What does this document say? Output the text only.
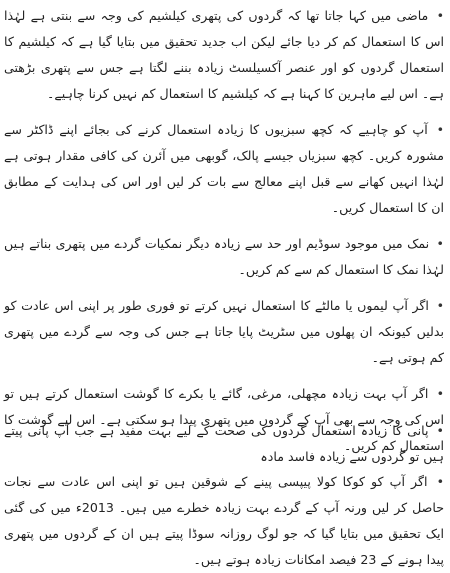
• ماضی میں کہا جاتا تھا کہ گردوں کی پتھری کیلشیم کی وجہ سے بنتی ہے لہٰذا اس کا استعمال کم کر دیا جائے لیکن اب جدید تحقیق میں بتایا گیا ہے کہ کیلشیم کا استعمال گردوں کو اور عنصر آکسیلسٹ زیادہ بننے لگتا ہے جس سے پتھری بڑھتی ہے۔ اس لیے ماہرین کا کہنا ہے کہ کیلشیم کا استعمال کم نہیں کرنا چاہیے۔

• آپ کو چاہیے کہ کچھ سبزیوں کا زیادہ استعمال کرنے کی بجائے اپنے ڈاکٹر سے مشورہ کریں۔ کچھ سبزیاں جیسے پالک، گوبھی میں آئرن کی کافی مقدار ہوتی ہے لہٰذا انہیں کھانے سے قبل اپنے معالج سے بات کر لیں اور اس کی ہدایت کے مطابق ان کا استعمال کریں۔

• نمک میں موجود سوڈیم اور حد سے زیادہ دیگر نمکیات گردے میں پتھری بناتے ہیں لہٰذا نمک کا استعمال کم سے کم کریں۔

• اگر آپ لیموں یا مالٹے کا استعمال نہیں کرتے تو فوری طور پر اپنی اس عادت کو بدلیں کیونکہ ان پھلوں میں سٹریٹ پایا جاتا ہے جس کی وجہ سے گردے میں پتھری کم ہوتی ہے۔

• اگر آپ بہت زیادہ مچھلی، مرغی، گائے یا بکرے کا گوشت استعمال کرتے ہیں تو اس کی وجہ سے بھی آپ کے گردوں میں پتھری پیدا ہو سکتی ہے۔ اس لیے گوشت کا استعمال کم کریں۔

• اگر آپ کو کوکا کولا پیپسی پینے کے شوقین ہیں تو اپنی اس عادت سے نجات حاصل کر لیں ورنہ آپ کے گردے بہت زیادہ خطرے میں ہیں۔ 2013ء میں کی گئی ایک تحقیق میں بتایا گیا کہ جو لوگ روزانہ سوڈا پیتے ہیں ان کے گردوں میں پتھری پیدا ہونے کے 23 فیصد امکانات زیادہ ہوتے ہیں۔

• پانی کا زیادہ استعمال گردوں کی صحت کے لیے بہت مفید ہے جب آپ پانی پیتے ہیں تو گردوں سے زیادہ فاسد مادہ
